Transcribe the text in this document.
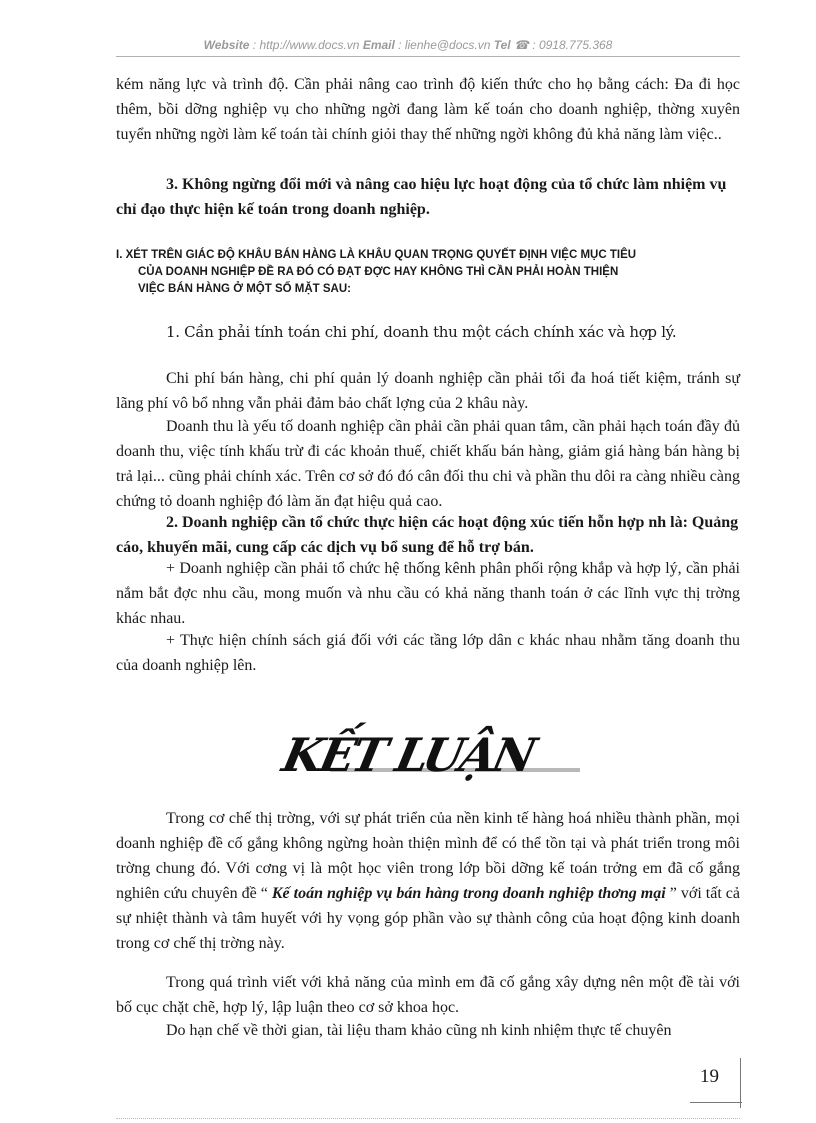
Website : http://www.docs.vn Email : lienhe@docs.vn Tel ☎ : 0918.775.368

kém năng lực và trình độ. Cần phải nâng cao trình độ kiến thức cho họ bằng cách: Đa đi học thêm, bồi dỡng nghiệp vụ cho những ngời đang làm kế toán cho doanh nghiệp, thờng xuyên tuyển những ngời làm kế toán tài chính giỏi thay thế những ngời không đủ khả năng làm việc..

3. Không ngừng đổi mới và nâng cao hiệu lực hoạt động của tổ chức làm nhiệm vụ chỉ đạo thực hiện kế toán trong doanh nghiệp.

I. XÉT TRÊN GIÁC ĐỘ KHÂU BÁN HÀNG LÀ KHÂU QUAN TRỌNG QUYẾT ĐỊNH VIỆC MỤC TIÊU
CỦA DOANH NGHIỆP ĐỀ RA ĐÓ CÓ ĐẠT ĐỢC HAY KHÔNG THÌ CẦN PHẢI HOÀN THIỆN
VIỆC BÁN HÀNG Ở MỘT SỐ MẶT SAU:

1. Cần phải tính toán chi phí, doanh thu một cách chính xác và hợp lý.

Chi phí bán hàng, chi phí quản lý doanh nghiệp cần phải tối đa hoá tiết kiệm, tránh sự lãng phí vô bổ nhng vẫn phải đảm bảo chất lợng của 2 khâu này.

Doanh thu là yếu tố doanh nghiệp cần phải cần phải quan tâm, cần phải hạch toán đầy đủ doanh thu, việc tính khấu trừ đi các khoản thuế, chiết khấu bán hàng, giảm giá hàng bán hàng bị trả lại... cũng phải chính xác. Trên cơ sở đó đó cân đối thu chi và phần thu dôi ra càng nhiều càng chứng tỏ doanh nghiệp đó làm ăn đạt hiệu quả cao.

2. Doanh nghiệp cần tổ chức thực hiện các hoạt động xúc tiến hỗn hợp nh là: Quảng cáo, khuyến mãi, cung cấp các dịch vụ bổ sung để hỗ trợ bán.

+ Doanh nghiệp cần phải tổ chức hệ thống kênh phân phối rộng khắp và hợp lý, cần phải nắm bắt đợc nhu cầu, mong muốn và nhu cầu có khả năng thanh toán ở các lĩnh vực thị trờng khác nhau.

+ Thực hiện chính sách giá đối với các tầng lớp dân c khác nhau nhằm tăng doanh thu của doanh nghiệp lên.

KẾT LUẬN

Trong cơ chế thị trờng, với sự phát triển của nền kinh tế hàng hoá nhiều thành phần, mọi doanh nghiệp đề cố gắng không ngừng hoàn thiện mình để có thể tồn tại và phát triển trong môi trờng chung đó. Với cơng vị là một học viên trong lớp bồi dỡng kế toán trởng em đã cố gắng nghiên cứu chuyên đề “ Kế toán nghiệp vụ bán hàng trong doanh nghiệp thơng mại ” với tất cả sự nhiệt thành và tâm huyết với hy vọng góp phần vào sự thành công của hoạt động kinh doanh trong cơ chế thị trờng này.

Trong quá trình viết với khả năng của mình em đã cố gắng xây dựng nên một đề tài với bố cục chặt chẽ, hợp lý, lập luận theo cơ sở khoa học.

Do hạn chế về thời gian, tài liệu tham khảo cũng nh kinh nhiệm thực tế chuyên

19
